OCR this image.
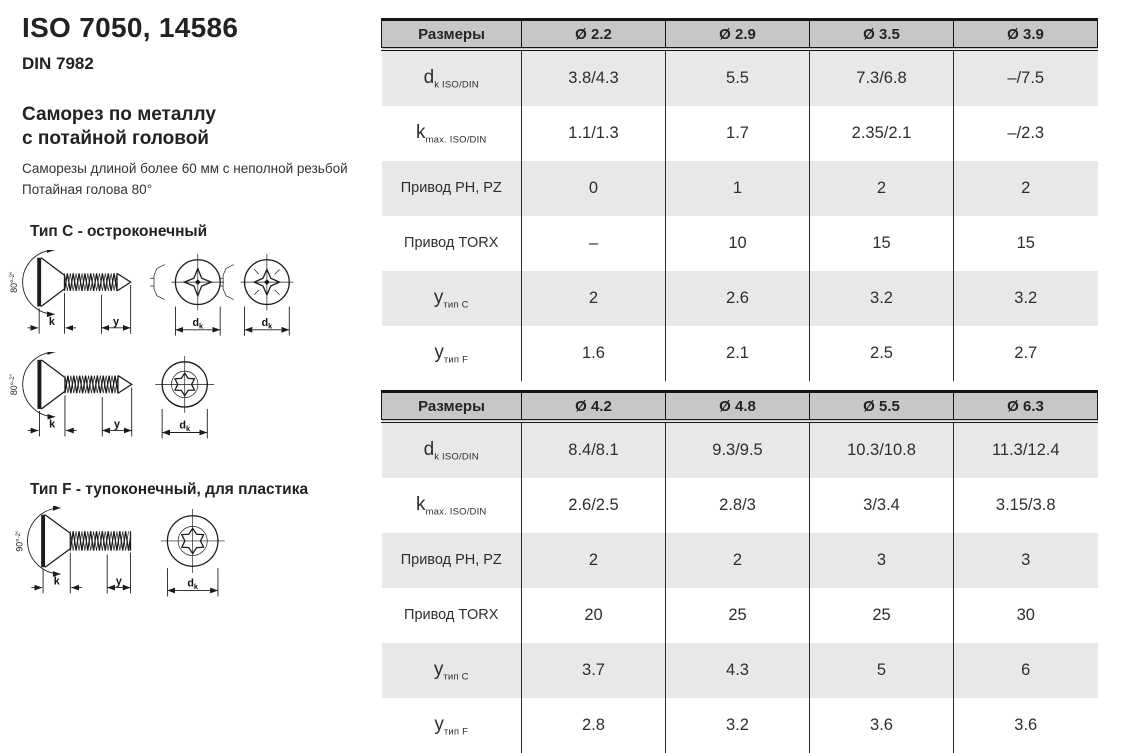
ISO 7050, 14586
DIN 7982
Саморез по металлу
с потайной головой
Саморезы длиной более 60 мм с неполной резьбой
Потайная голова 80°
Тип C - остроконечный
Тип F - тупоконечный, для пластика
80°$^{-2^\circ}$
k	y	$d_k$	$d_k$
80°$^{-2^\circ}$
k	y	$d_k$
90°$^{-2^\circ}$
k	y	$d_k$
Размеры	Ø 2.2	Ø 2.9	Ø 3.5	Ø 3.9
$d_{k ISO/DIN}$	3.8/4.3	5.5	7.3/6.8	–/7.5
$k_{max. ISO/DIN}$	1.1/1.3	1.7	2.35/2.1	–/2.3
Привод PH, PZ	0	1	2	2
Привод TORX	–	10	15	15
$y_{тип C}$	2	2.6	3.2	3.2
$y_{тип F}$	1.6	2.1	2.5	2.7
Размеры	Ø 4.2	Ø 4.8	Ø 5.5	Ø 6.3
$d_{k ISO/DIN}$	8.4/8.1	9.3/9.5	10.3/10.8	11.3/12.4
$k_{max. ISO/DIN}$	2.6/2.5	2.8/3	3/3.4	3.15/3.8
Привод PH, PZ	2	2	3	3
Привод TORX	20	25	25	30
$y_{тип C}$	3.7	4.3	5	6
$y_{тип F}$	2.8	3.2	3.6	3.6
